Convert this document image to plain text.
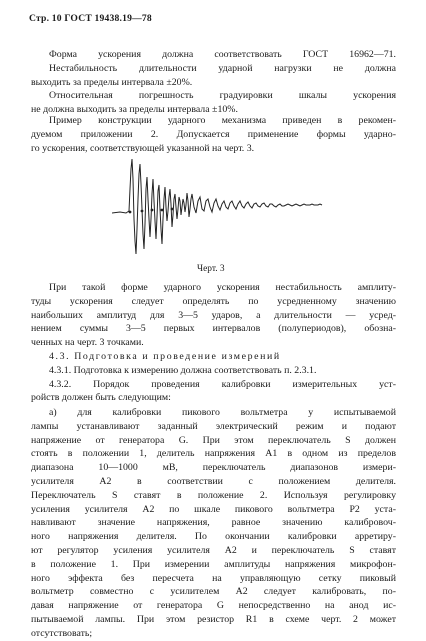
Стр. 10 ГОСТ 19438.19—78
Форма ускорения должна соответствовать ГОСТ 16962—71.
Нестабильность длительности ударной нагрузки не должна
выходить за пределы интервала ±20%.
Относительная погрешность градуировки шкалы ускорения
не должна выходить за пределы интервала ±10%.
Пример конструкции ударного механизма приведен в рекомен-
дуемом приложении 2. Допускается применение формы ударно-
го ускорения, соответствующей указанной на черт. 3.
Черт. 3
При такой форме ударного ускорения нестабильность амплиту-
туды ускорения следует определять по усредненному значению
наибольших амплитуд для 3—5 ударов, а длительности — усред-
нением суммы 3—5 первых интервалов (полупериодов), обозна-
ченных на черт. 3 точками.
4.3. Подготовка и проведение измерений
4.3.1. Подготовка к измерению должна соответствовать п. 2.3.1.
4.3.2. Порядок проведения калибровки измерительных уст-
ройств должен быть следующим:
а) для калибровки пикового вольтметра у испытываемой
лампы устанавливают заданный электрический режим и подают
напряжение от генератора G. При этом переключатель S должен
стоять в положении 1, делитель напряжения A1 в одном из пределов
диапазона 10—1000 мВ, переключатель диапазонов измери-
усилителя A2 в соответствии с положением делителя.
Переключатель S ставят в положение 2. Используя регулировку
усиления усилителя A2 по шкале пикового вольтметра P2 уста-
навливают значение напряжения, равное значению калибровоч-
ного напряжения делителя. По окончании калибровки арретиру-
ют регулятор усиления усилителя A2 и переключатель S ставят
в положение 1. При измерении амплитуды напряжения микрофон-
ного эффекта без пересчета на управляющую сетку пиковый
вольтметр совместно с усилителем A2 следует калибровать, по-
давая напряжение от генератора G непосредственно на анод ис-
пытываемой лампы. При этом резистор R1 в схеме черт. 2 может
отсутствовать;
